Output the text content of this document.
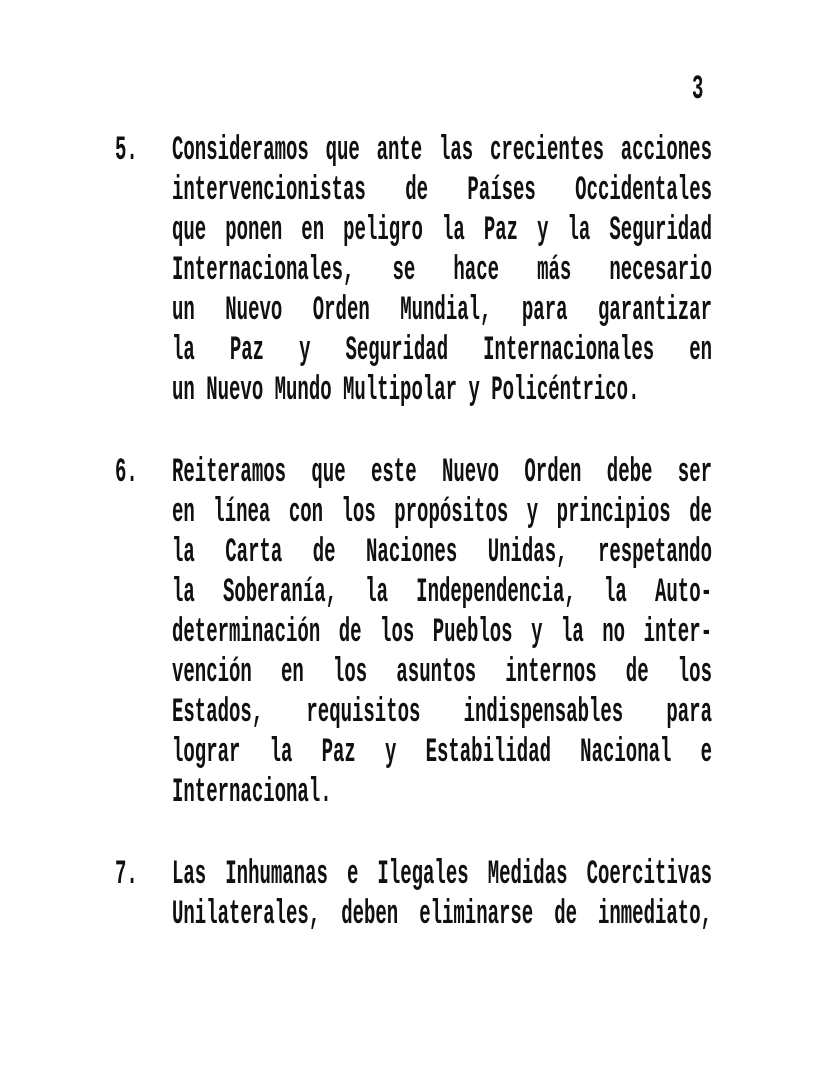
3
5.	Consideramos que ante las crecientes acciones
intervencionistas de Países Occidentales
que ponen en peligro la Paz y la Seguridad
Internacionales, se hace más necesario
un Nuevo Orden Mundial, para garantizar
la Paz y Seguridad Internacionales en
un Nuevo Mundo Multipolar y Policéntrico.
6.	Reiteramos que este Nuevo Orden debe ser
en línea con los propósitos y principios de
la Carta de Naciones Unidas, respetando
la Soberanía, la Independencia, la Auto-
determinación de los Pueblos y la no inter-
vención en los asuntos internos de los
Estados, requisitos indispensables para
lograr la Paz y Estabilidad Nacional e
Internacional.
7.	Las Inhumanas e Ilegales Medidas Coercitivas
Unilaterales, deben eliminarse de inmediato,
